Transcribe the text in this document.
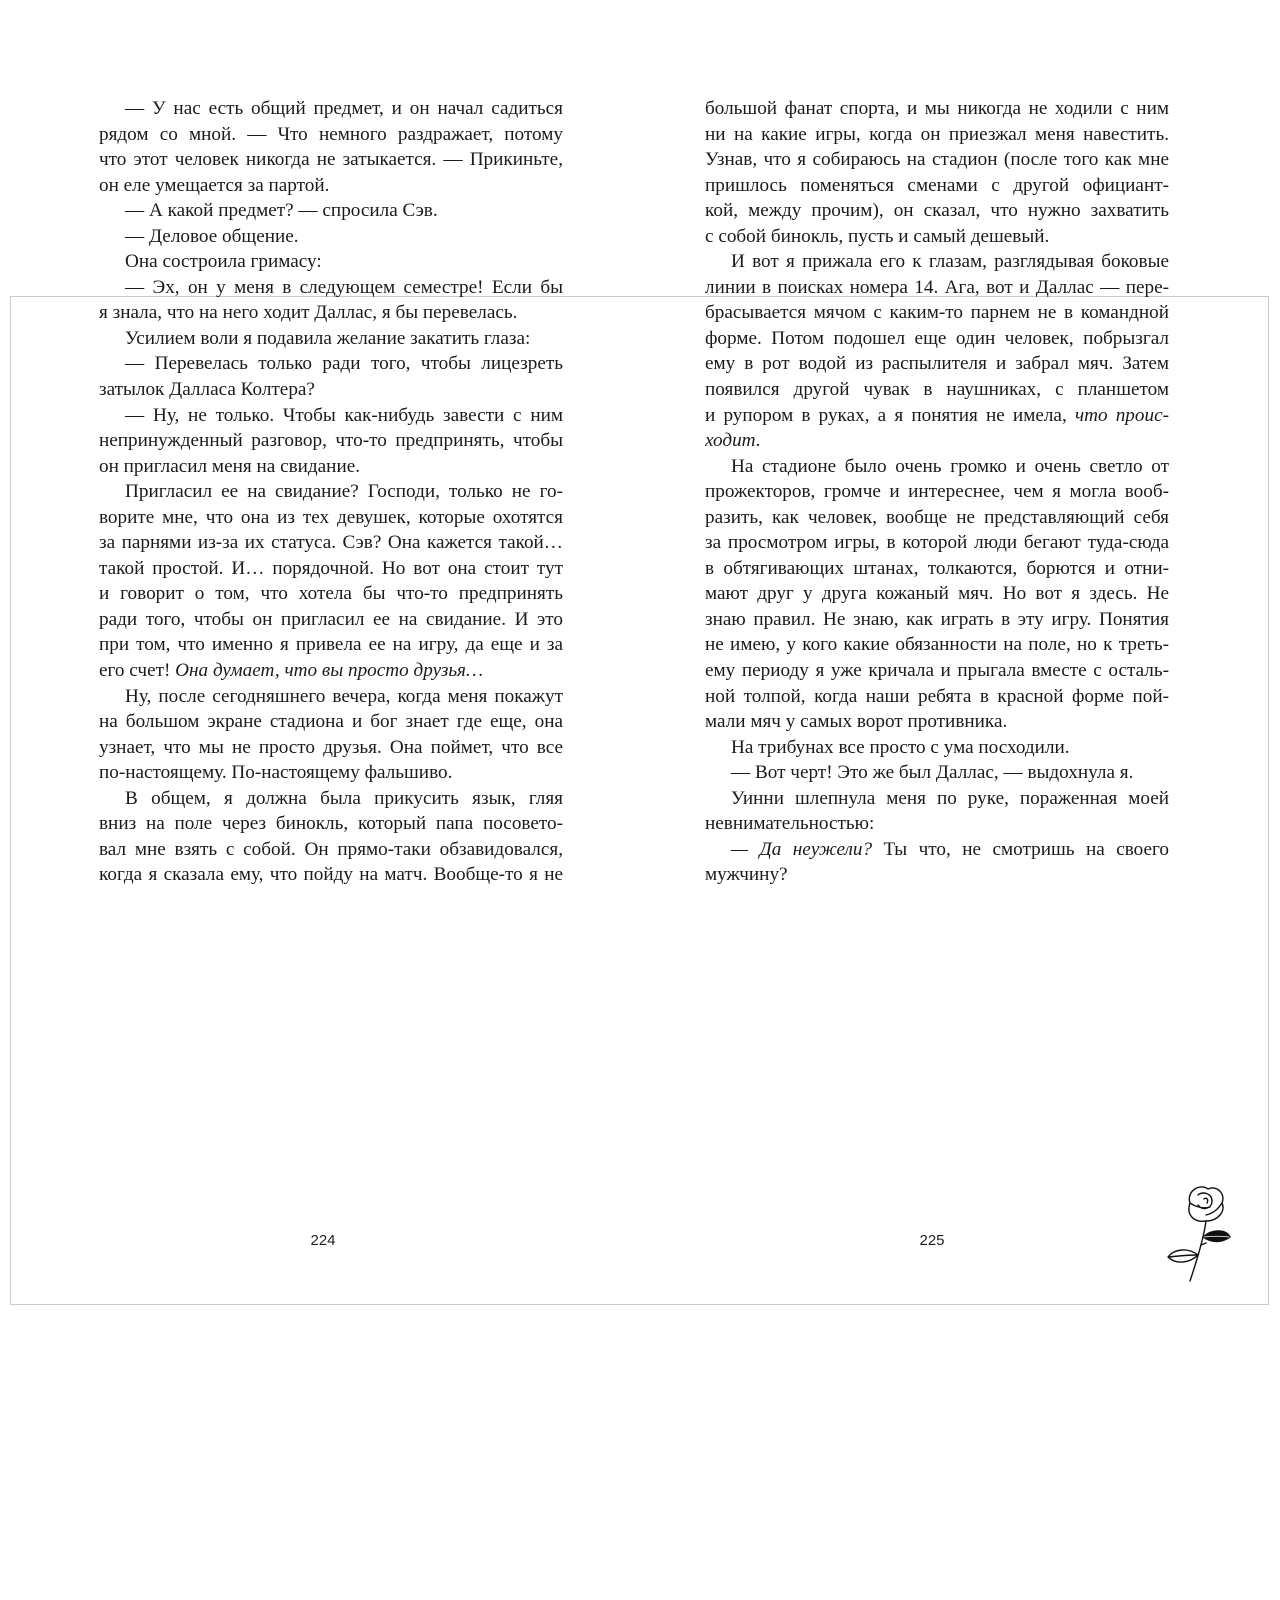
— У нас есть общий предмет, и он начал садиться
рядом со мной. — Что немного раздражает, потому
что этот человек никогда не затыкается. — Прикиньте,
он еле умещается за партой.
— А какой предмет? — спросила Сэв.
— Деловое общение.
Она состроила гримасу:
— Эх, он у меня в следующем семестре! Если бы
я знала, что на него ходит Даллас, я бы перевелась.
Усилием воли я подавила желание закатить глаза:
— Перевелась только ради того, чтобы лицезреть
затылок Далласа Колтера?
— Ну, не только. Чтобы как-нибудь завести с ним
непринужденный разговор, что-то предпринять, чтобы
он пригласил меня на свидание.
Пригласил ее на свидание? Господи, только не го-
ворите мне, что она из тех девушек, которые охотятся
за парнями из-за их статуса. Сэв? Она кажется такой…
такой простой. И… порядочной. Но вот она стоит тут
и говорит о том, что хотела бы что-то предпринять
ради того, чтобы он пригласил ее на свидание. И это
при том, что именно я привела ее на игру, да еще и за
его счет! Она думает, что вы просто друзья…
Ну, после сегодняшнего вечера, когда меня покажут
на большом экране стадиона и бог знает где еще, она
узнает, что мы не просто друзья. Она поймет, что все
по-настоящему. По-настоящему фальшиво.
В общем, я должна была прикусить язык, гляя
вниз на поле через бинокль, который папа посовето-
вал мне взять с собой. Он прямо-таки обзавидовался,
когда я сказала ему, что пойду на матч. Вообще-то я не
большой фанат спорта, и мы никогда не ходили с ним
ни на какие игры, когда он приезжал меня навестить.
Узнав, что я собираюсь на стадион (после того как мне
пришлось поменяться сменами с другой официант-
кой, между прочим), он сказал, что нужно захватить
с собой бинокль, пусть и самый дешевый.
И вот я прижала его к глазам, разглядывая боковые
линии в поисках номера 14. Ага, вот и Даллас — пере-
брасывается мячом с каким-то парнем не в командной
форме. Потом подошел еще один человек, побрызгал
ему в рот водой из распылителя и забрал мяч. Затем
появился другой чувак в наушниках, с планшетом
и рупором в руках, а я понятия не имела, что проис-
ходит.
На стадионе было очень громко и очень светло от
прожекторов, громче и интереснее, чем я могла вооб-
разить, как человек, вообще не представляющий себя
за просмотром игры, в которой люди бегают туда-сюда
в обтягивающих штанах, толкаются, борются и отни-
мают друг у друга кожаный мяч. Но вот я здесь. Не
знаю правил. Не знаю, как играть в эту игру. Понятия
не имею, у кого какие обязанности на поле, но к треть-
ему периоду я уже кричала и прыгала вместе с осталь-
ной толпой, когда наши ребята в красной форме пой-
мали мяч у самых ворот противника.
На трибунах все просто с ума посходили.
— Вот черт! Это же был Даллас, — выдохнула я.
Уинни шлепнула меня по руке, пораженная моей
невнимательностью:
— Да неужели? Ты что, не смотришь на своего
мужчину?
224	225
